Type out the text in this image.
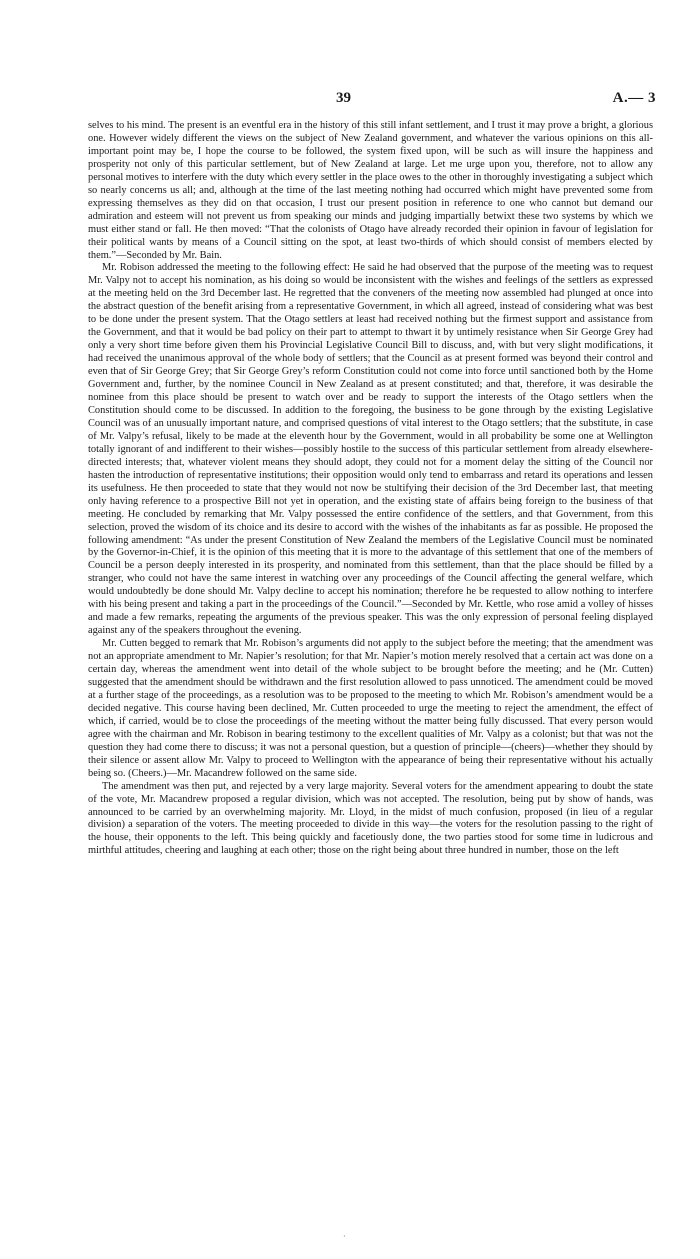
39	A.— 3

selves to his mind. The present is an eventful era in the history of this still infant settlement, and I trust it may prove a bright, a glorious one. However widely different the views on the subject of New Zealand government, and whatever the various opinions on this all-important point may be, I hope the course to be followed, the system fixed upon, will be such as will insure the happiness and prosperity not only of this particular settlement, but of New Zealand at large. Let me urge upon you, therefore, not to allow any personal motives to interfere with the duty which every settler in the place owes to the other in thoroughly investigating a subject which so nearly concerns us all; and, although at the time of the last meeting nothing had occurred which might have prevented some from expressing themselves as they did on that occasion, I trust our present position in reference to one who cannot but demand our admiration and esteem will not prevent us from speaking our minds and judging impartially betwixt these two systems by which we must either stand or fall. He then moved: “That the colonists of Otago have already recorded their opinion in favour of legislation for their political wants by means of a Council sitting on the spot, at least two-thirds of which should consist of members elected by them.”—Seconded by Mr. Bain.

Mr. Robison addressed the meeting to the following effect: He said he had observed that the purpose of the meeting was to request Mr. Valpy not to accept his nomination, as his doing so would be inconsistent with the wishes and feelings of the settlers as expressed at the meeting held on the 3rd December last. He regretted that the conveners of the meeting now assembled had plunged at once into the abstract question of the benefit arising from a representative Government, in which all agreed, instead of considering what was best to be done under the present system. That the Otago settlers at least had received nothing but the firmest support and assistance from the Government, and that it would be bad policy on their part to attempt to thwart it by untimely resistance when Sir George Grey had only a very short time before given them his Provincial Legislative Council Bill to discuss, and, with but very slight modifications, it had received the unanimous approval of the whole body of settlers; that the Council as at present formed was beyond their control and even that of Sir George Grey; that Sir George Grey’s reform Constitution could not come into force until sanctioned both by the Home Government and, further, by the nominee Council in New Zealand as at present constituted; and that, therefore, it was desirable the nominee from this place should be present to watch over and be ready to support the interests of the Otago settlers when the Constitution should come to be discussed. In addition to the foregoing, the business to be gone through by the existing Legislative Council was of an unusually important nature, and comprised questions of vital interest to the Otago settlers; that the substitute, in case of Mr. Valpy’s refusal, likely to be made at the eleventh hour by the Government, would in all probability be some one at Wellington totally ignorant of and indifferent to their wishes—possibly hostile to the success of this particular settlement from already elsewhere-directed interests; that, whatever violent means they should adopt, they could not for a moment delay the sitting of the Council nor hasten the introduction of representative institutions; their opposition would only tend to embarrass and retard its operations and lessen its usefulness. He then proceeded to state that they would not now be stultifying their decision of the 3rd December last, that meeting only having reference to a prospective Bill not yet in operation, and the existing state of affairs being foreign to the business of that meeting. He concluded by remarking that Mr. Valpy possessed the entire confidence of the settlers, and that Government, from this selection, proved the wisdom of its choice and its desire to accord with the wishes of the inhabitants as far as possible. He proposed the following amendment: “As under the present Constitution of New Zealand the members of the Legislative Council must be nominated by the Governor-in-Chief, it is the opinion of this meeting that it is more to the advantage of this settlement that one of the members of Council be a person deeply interested in its prosperity, and nominated from this settlement, than that the place should be filled by a stranger, who could not have the same interest in watching over any proceedings of the Council affecting the general welfare, which would undoubtedly be done should Mr. Valpy decline to accept his nomination; therefore he be requested to allow nothing to interfere with his being present and taking a part in the proceedings of the Council.”—Seconded by Mr. Kettle, who rose amid a volley of hisses and made a few remarks, repeating the arguments of the previous speaker. This was the only expression of personal feeling displayed against any of the speakers throughout the evening.

Mr. Cutten begged to remark that Mr. Robison’s arguments did not apply to the subject before the meeting; that the amendment was not an appropriate amendment to Mr. Napier’s resolution; for that Mr. Napier’s motion merely resolved that a certain act was done on a certain day, whereas the amendment went into detail of the whole subject to be brought before the meeting; and he (Mr. Cutten) suggested that the amendment should be withdrawn and the first resolution allowed to pass unnoticed. The amendment could be moved at a further stage of the proceedings, as a resolution was to be proposed to the meeting to which Mr. Robison’s amendment would be a decided negative. This course having been declined, Mr. Cutten proceeded to urge the meeting to reject the amendment, the effect of which, if carried, would be to close the proceedings of the meeting without the matter being fully discussed. That every person would agree with the chairman and Mr. Robison in bearing testimony to the excellent qualities of Mr. Valpy as a colonist; but that was not the question they had come there to discuss; it was not a personal question, but a question of principle—(cheers)—whether they should by their silence or assent allow Mr. Valpy to proceed to Wellington with the appearance of being their representative without his actually being so. (Cheers.)—Mr. Macandrew followed on the same side.

The amendment was then put, and rejected by a very large majority. Several voters for the amendment appearing to doubt the state of the vote, Mr. Macandrew proposed a regular division, which was not accepted. The resolution, being put by show of hands, was announced to be carried by an overwhelming majority. Mr. Lloyd, in the midst of much confusion, proposed (in lieu of a regular division) a separation of the voters. The meeting proceeded to divide in this way—the voters for the resolution passing to the right of the house, their opponents to the left. This being quickly and facetiously done, the two parties stood for some time in ludicrous and mirthful attitudes, cheering and laughing at each other; those on the right being about three hundred in number, those on the left

·
